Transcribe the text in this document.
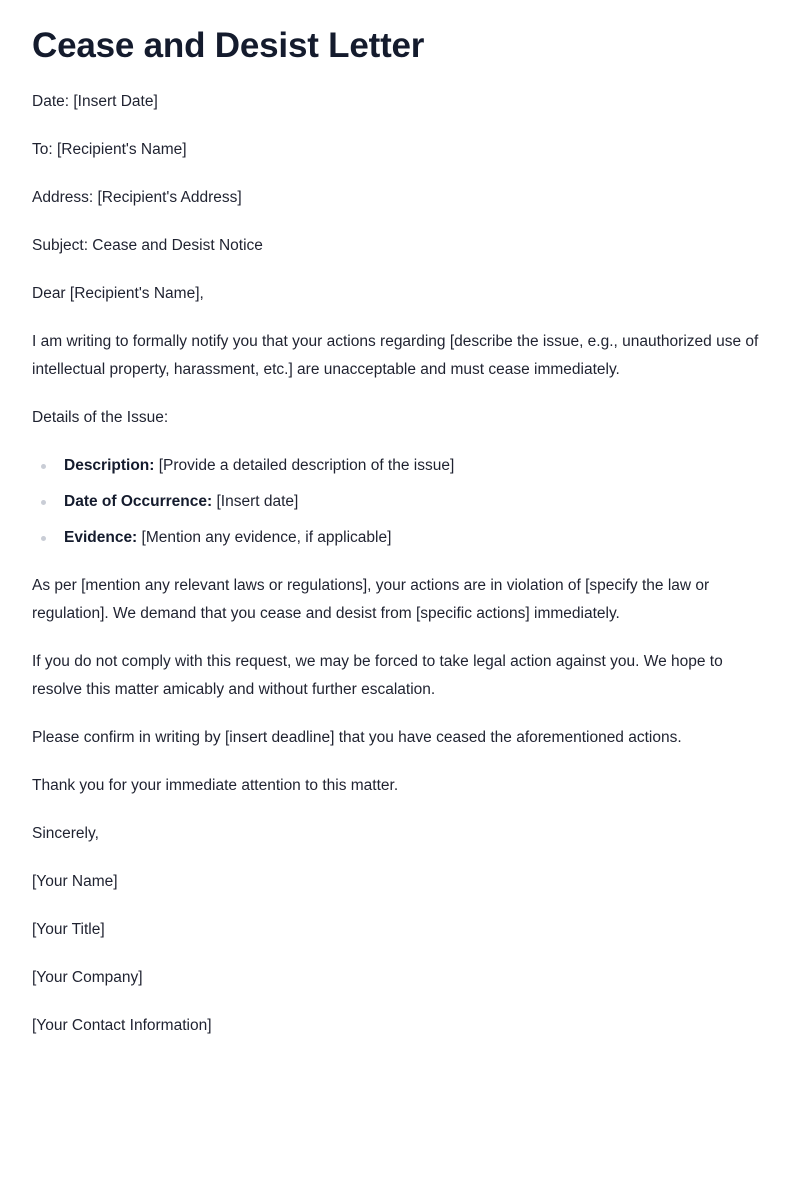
Cease and Desist Letter

Date: [Insert Date]

To: [Recipient's Name]

Address: [Recipient's Address]

Subject: Cease and Desist Notice

Dear [Recipient's Name],

I am writing to formally notify you that your actions regarding [describe the issue, e.g., unauthorized use of intellectual property, harassment, etc.] are unacceptable and must cease immediately.

Details of the Issue:

Description: [Provide a detailed description of the issue]
Date of Occurrence: [Insert date]
Evidence: [Mention any evidence, if applicable]

As per [mention any relevant laws or regulations], your actions are in violation of [specify the law or regulation]. We demand that you cease and desist from [specific actions] immediately.

If you do not comply with this request, we may be forced to take legal action against you. We hope to resolve this matter amicably and without further escalation.

Please confirm in writing by [insert deadline] that you have ceased the aforementioned actions.

Thank you for your immediate attention to this matter.

Sincerely,

[Your Name]

[Your Title]

[Your Company]

[Your Contact Information]
